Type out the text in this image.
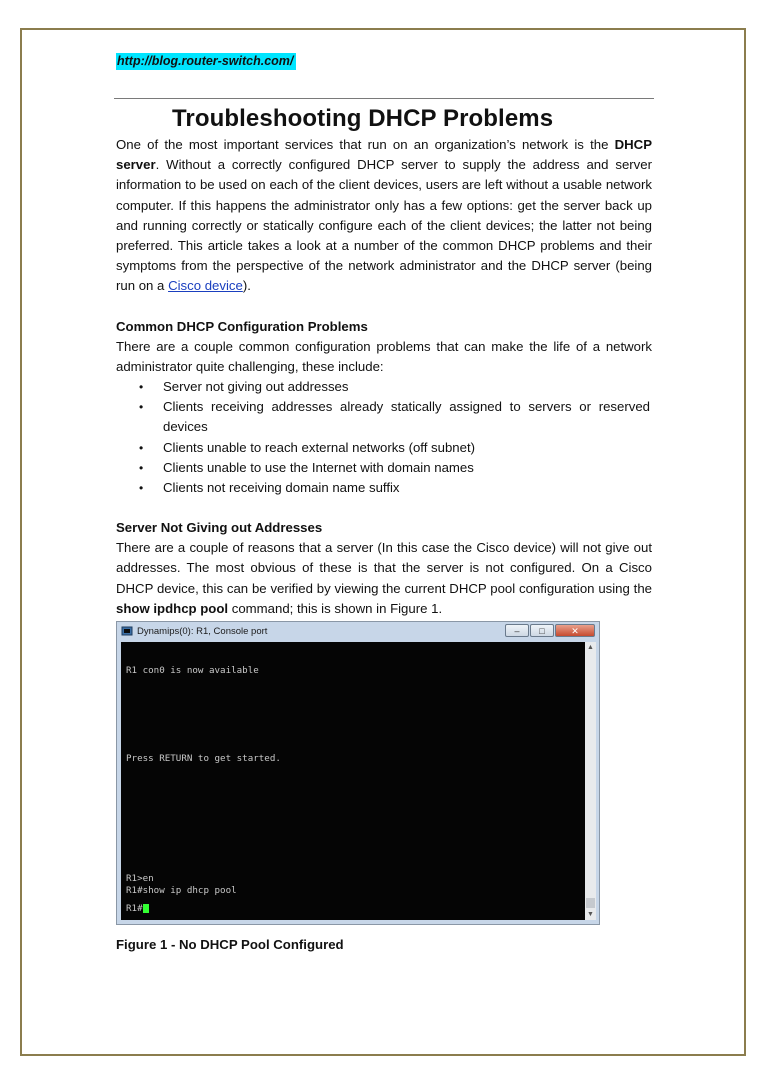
http://blog.router-switch.com/
Troubleshooting DHCP Problems

One of the most important services that run on an organization’s network is the DHCP server. Without a correctly configured DHCP server to supply the address and server information to be used on each of the client devices, users are left without a usable network computer. If this happens the administrator only has a few options: get the server back up and running correctly or statically configure each of the client devices; the latter not being preferred. This article takes a look at a number of the common DHCP problems and their symptoms from the perspective of the network administrator and the DHCP server (being run on a Cisco device).

Common DHCP Configuration Problems

There are a couple common configuration problems that can make the life of a network administrator quite challenging, these include:

• Server not giving out addresses
• Clients receiving addresses already statically assigned to servers or reserved devices
• Clients unable to reach external networks (off subnet)
• Clients unable to use the Internet with domain names
• Clients not receiving domain name suffix
Server Not Giving out Addresses

There are a couple of reasons that a server (In this case the Cisco device) will not give out addresses. The most obvious of these is that the server is not configured. On a Cisco DHCP device, this can be verified by viewing the current DHCP pool configuration using the show ipdhcp pool command; this is shown in Figure 1.

Dynamips(0): R1, Console port	–	□	✕
R1 con0 is now available
Press RETURN to get started.
R1>en
R1#show ip dhcp pool
R1#
▲
▼
Figure 1 - No DHCP Pool Configured
